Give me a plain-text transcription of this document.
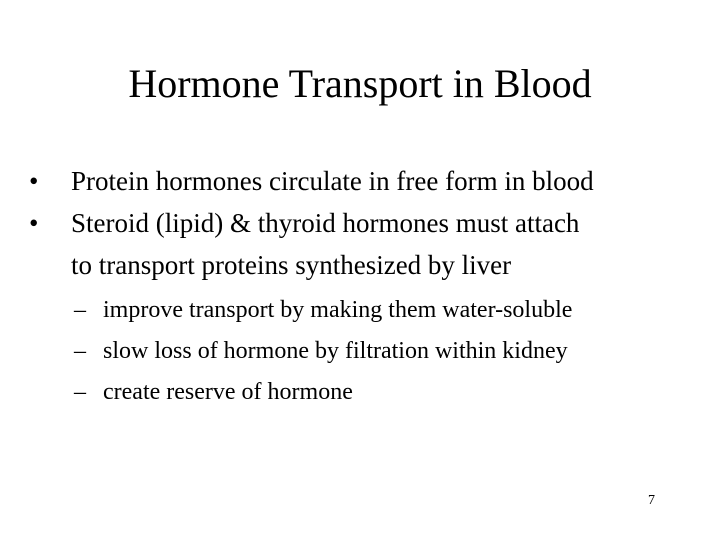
Hormone Transport in Blood
• Protein hormones circulate in free form in blood
• Steroid (lipid) & thyroid hormones must attach
to transport proteins synthesized by liver
– improve transport by making them water-soluble
– slow loss of hormone by filtration within kidney
– create reserve of hormone
7
